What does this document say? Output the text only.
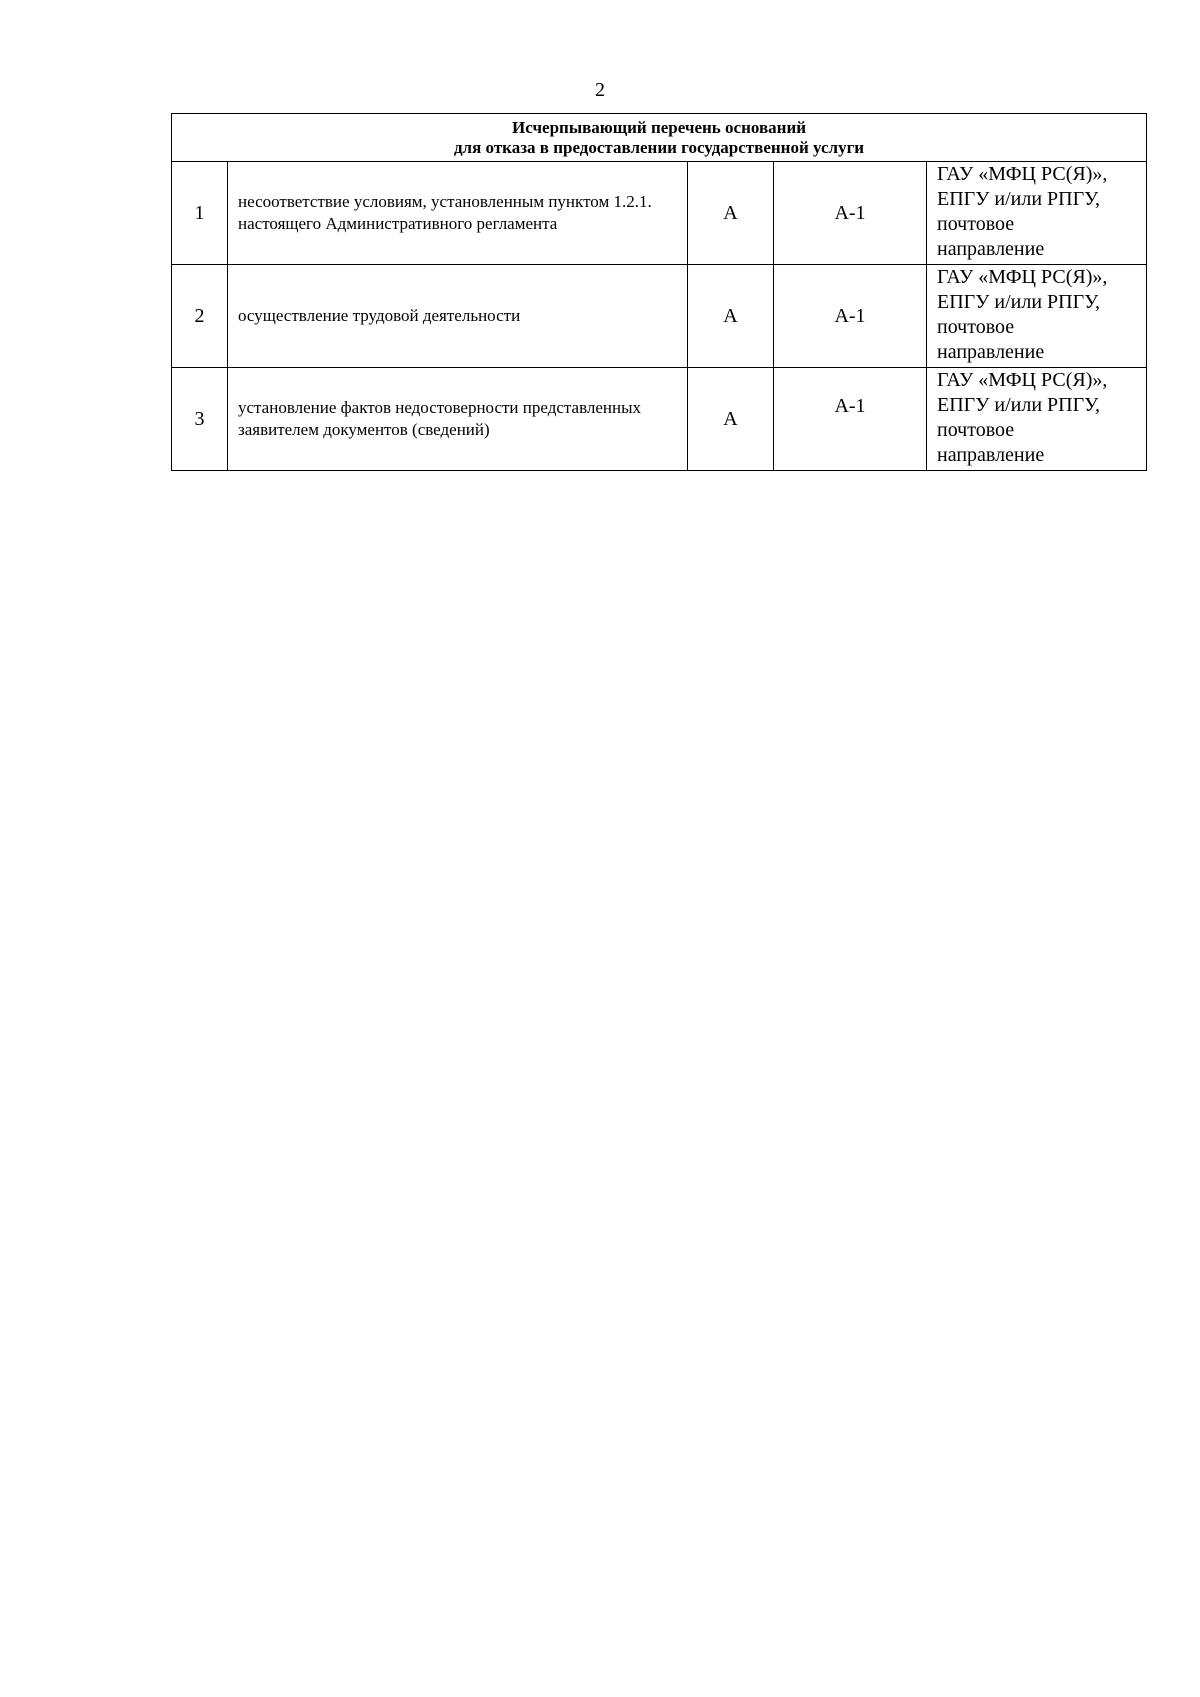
2
Исчерпывающий перечень оснований
для отказа в предоставлении государственной услуги				

1	несоответствие условиям, установленным пунктом 1.2.1. настоящего Административного регламента	А	А-1	ГАУ «МФЦ РС(Я)»,
ЕПГУ и/или РПГУ,
почтовое
направление

2	осуществление трудовой деятельности	А	А-1	ГАУ «МФЦ РС(Я)»,
ЕПГУ и/или РПГУ,
почтовое
направление

3	установление фактов недостоверности представленных заявителем документов (сведений)	А	А-1	ГАУ «МФЦ РС(Я)»,
ЕПГУ и/или РПГУ,
почтовое
направление
